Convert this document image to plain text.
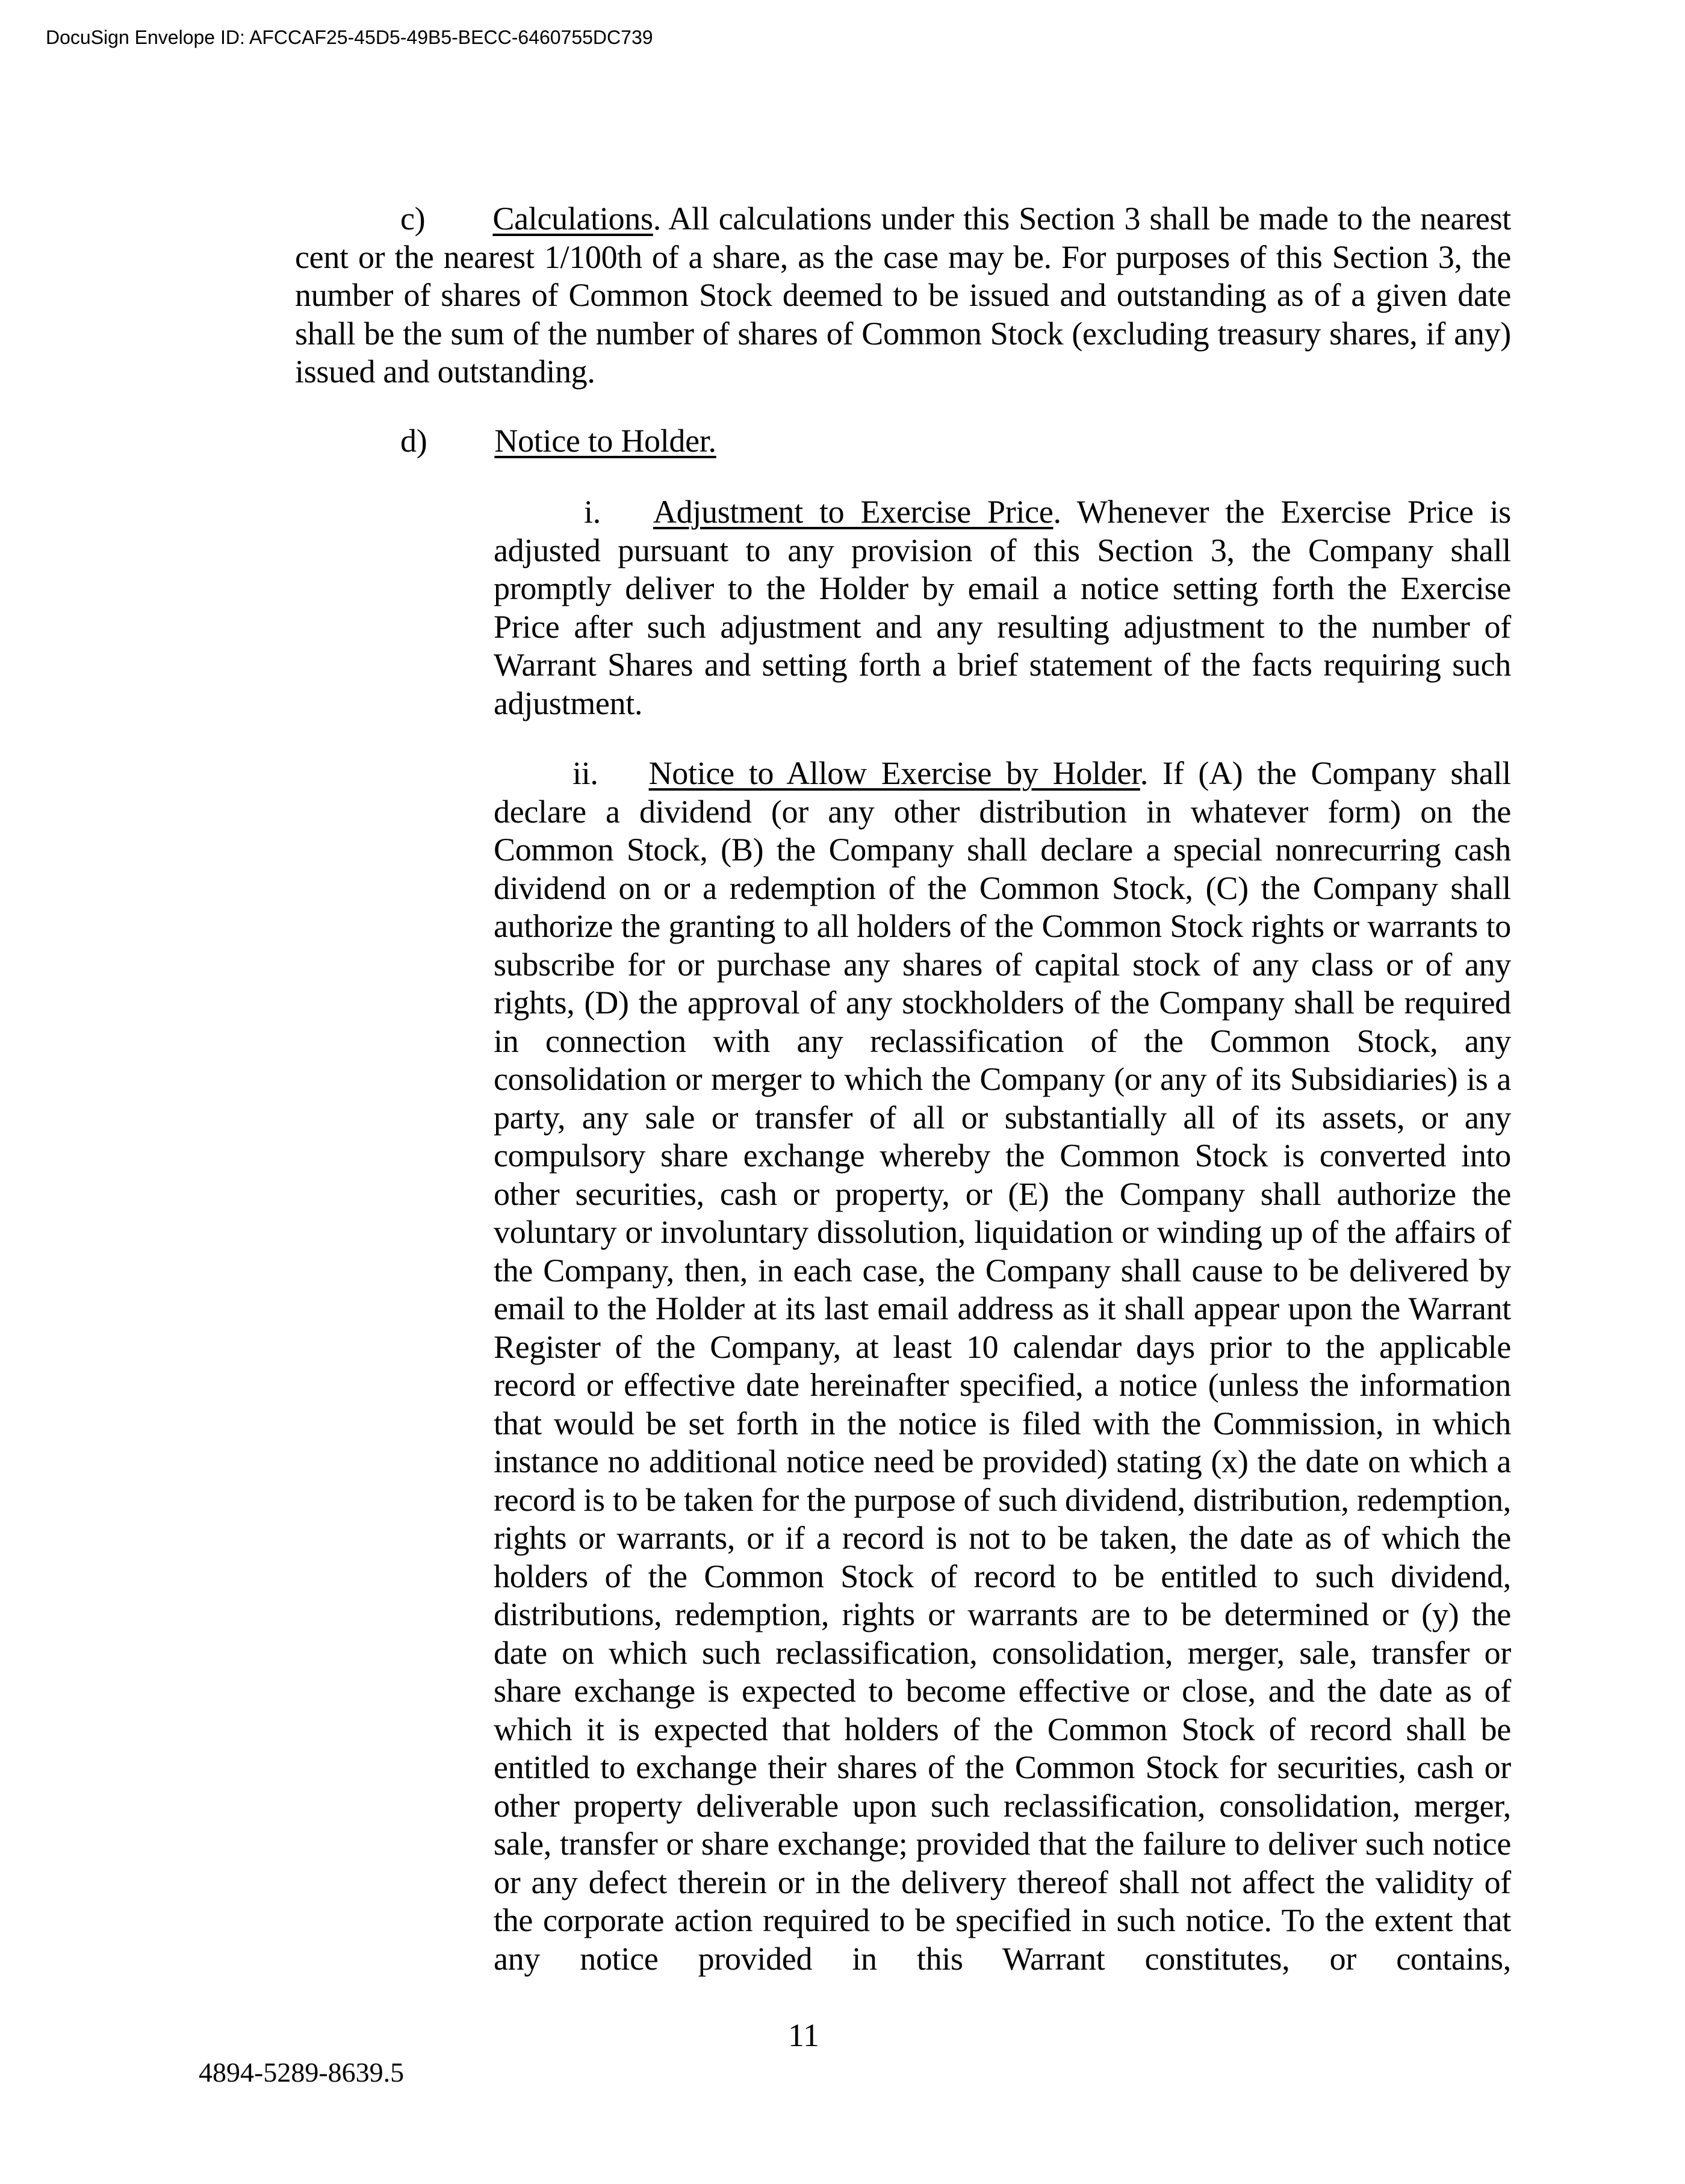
DocuSign Envelope ID: AFCCAF25-45D5-49B5-BECC-6460755DC739

c) Calculations. All calculations under this Section 3 shall be made to the nearest cent or the nearest 1/100th of a share, as the case may be. For purposes of this Section 3, the number of shares of Common Stock deemed to be issued and outstanding as of a given date shall be the sum of the number of shares of Common Stock (excluding treasury shares, if any) issued and outstanding.

d) Notice to Holder.

i. Adjustment to Exercise Price. Whenever the Exercise Price is adjusted pursuant to any provision of this Section 3, the Company shall promptly deliver to the Holder by email a notice setting forth the Exercise Price after such adjustment and any resulting adjustment to the number of Warrant Shares and setting forth a brief statement of the facts requiring such adjustment.

ii. Notice to Allow Exercise by Holder. If (A) the Company shall declare a dividend (or any other distribution in whatever form) on the Common Stock, (B) the Company shall declare a special nonrecurring cash dividend on or a redemption of the Common Stock, (C) the Company shall authorize the granting to all holders of the Common Stock rights or warrants to subscribe for or purchase any shares of capital stock of any class or of any rights, (D) the approval of any stockholders of the Company shall be required in connection with any reclassification of the Common Stock, any consolidation or merger to which the Company (or any of its Subsidiaries) is a party, any sale or transfer of all or substantially all of its assets, or any compulsory share exchange whereby the Common Stock is converted into other securities, cash or property, or (E) the Company shall authorize the voluntary or involuntary dissolution, liquidation or winding up of the affairs of the Company, then, in each case, the Company shall cause to be delivered by email to the Holder at its last email address as it shall appear upon the Warrant Register of the Company, at least 10 calendar days prior to the applicable record or effective date hereinafter specified, a notice (unless the information that would be set forth in the notice is filed with the Commission, in which instance no additional notice need be provided) stating (x) the date on which a record is to be taken for the purpose of such dividend, distribution, redemption, rights or warrants, or if a record is not to be taken, the date as of which the holders of the Common Stock of record to be entitled to such dividend, distributions, redemption, rights or warrants are to be determined or (y) the date on which such reclassification, consolidation, merger, sale, transfer or share exchange is expected to become effective or close, and the date as of which it is expected that holders of the Common Stock of record shall be entitled to exchange their shares of the Common Stock for securities, cash or other property deliverable upon such reclassification, consolidation, merger, sale, transfer or share exchange; provided that the failure to deliver such notice or any defect therein or in the delivery thereof shall not affect the validity of the corporate action required to be specified in such notice. To the extent that any notice provided in this Warrant constitutes, or contains,

11
4894-5289-8639.5
